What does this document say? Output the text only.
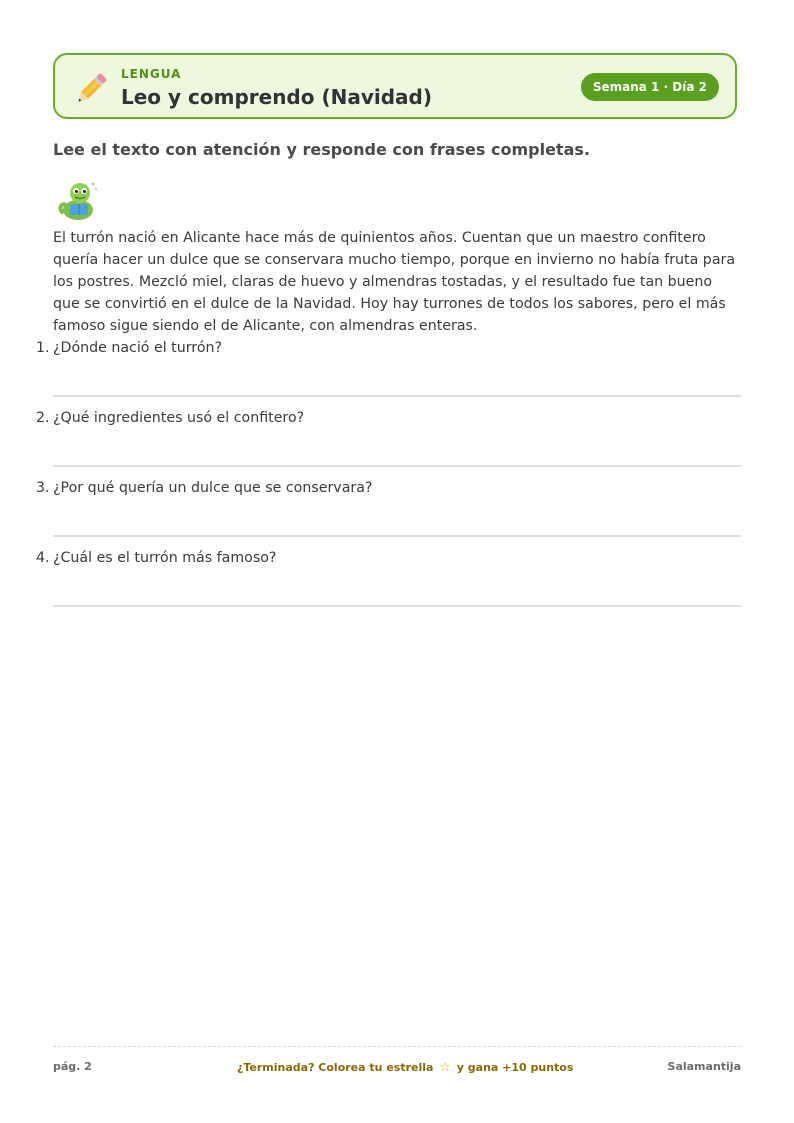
LENGUA
Leo y comprendo (Navidad)	Semana 1 · Día 2
Lee el texto con atención y responde con frases completas.
El turrón nació en Alicante hace más de quinientos años. Cuentan que un maestro confitero quería hacer un dulce que se conservara mucho tiempo, porque en invierno no había fruta para los postres. Mezcló miel, claras de huevo y almendras tostadas, y el resultado fue tan bueno que se convirtió en el dulce de la Navidad. Hoy hay turrones de todos los sabores, pero el más famoso sigue siendo el de Alicante, con almendras enteras.
1. ¿Dónde nació el turrón?
2. ¿Qué ingredientes usó el confitero?
3. ¿Por qué quería un dulce que se conservara?
4. ¿Cuál es el turrón más famoso?
pág. 2	¿Terminada? Colorea tu estrella ☆ y gana +10 puntos	Salamantija
